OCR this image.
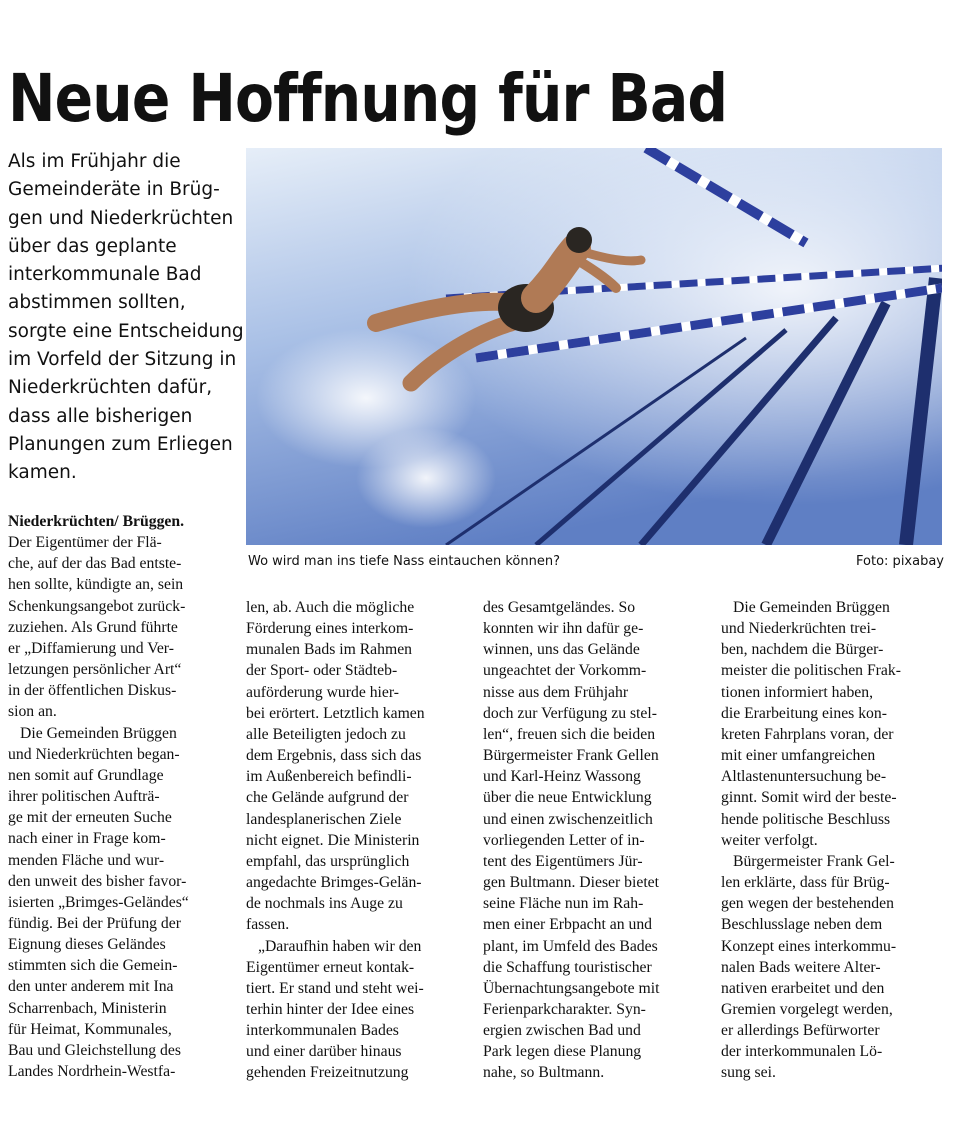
Neue Hoffnung für Bad
Als im Frühjahr die
Gemeinderäte in Brüg-
gen und Niederkrüchten
über das geplante
interkommunale Bad
abstimmen sollten,
sorgte eine Entscheidung
im Vorfeld der Sitzung in
Niederkrüchten dafür,
dass alle bisherigen
Planungen zum Erliegen
kamen.
Wo wird man ins tiefe Nass eintauchen können?	Foto: pixabay
Niederkrüchten/ Brüggen.
Der Eigentümer der Flä-
che, auf der das Bad entste-
hen sollte, kündigte an, sein
Schenkungsangebot zurück-
zuziehen. Als Grund führte
er „Diffamierung und Ver-
letzungen persönlicher Art“
in der öffentlichen Diskus-
sion an.
Die Gemeinden Brüggen
und Niederkrüchten began-
nen somit auf Grundlage
ihrer politischen Aufträ-
ge mit der erneuten Suche
nach einer in Frage kom-
menden Fläche und wur-
den unweit des bisher favor-
isierten „Brimges-Geländes“
fündig. Bei der Prüfung der
Eignung dieses Geländes
stimmten sich die Gemein-
den unter anderem mit Ina
Scharrenbach, Ministerin
für Heimat, Kommunales,
Bau und Gleichstellung des
Landes Nordrhein-Westfa-
len, ab. Auch die mögliche
Förderung eines interkom-
munalen Bads im Rahmen
der Sport- oder Städteb-
auförderung wurde hier-
bei erörtert. Letztlich kamen
alle Beteiligten jedoch zu
dem Ergebnis, dass sich das
im Außenbereich befindli-
che Gelände aufgrund der
landesplanerischen Ziele
nicht eignet. Die Ministerin
empfahl, das ursprünglich
angedachte Brimges-Gelän-
de nochmals ins Auge zu
fassen.
„Daraufhin haben wir den
Eigentümer erneut kontak-
tiert. Er stand und steht wei-
terhin hinter der Idee eines
interkommunalen Bades
und einer darüber hinaus
gehenden Freizeitnutzung
des Gesamtgeländes. So
konnten wir ihn dafür ge-
winnen, uns das Gelände
ungeachtet der Vorkomm-
nisse aus dem Frühjahr
doch zur Verfügung zu stel-
len“, freuen sich die beiden
Bürgermeister Frank Gellen
und Karl-Heinz Wassong
über die neue Entwicklung
und einen zwischenzeitlich
vorliegenden Letter of in-
tent des Eigentümers Jür-
gen Bultmann. Dieser bietet
seine Fläche nun im Rah-
men einer Erbpacht an und
plant, im Umfeld des Bades
die Schaffung touristischer
Übernachtungsangebote mit
Ferienparkcharakter. Syn-
ergien zwischen Bad und
Park legen diese Planung
nahe, so Bultmann.
Die Gemeinden Brüggen
und Niederkrüchten trei-
ben, nachdem die Bürger-
meister die politischen Frak-
tionen informiert haben,
die Erarbeitung eines kon-
kreten Fahrplans voran, der
mit einer umfangreichen
Altlastenuntersuchung be-
ginnt. Somit wird der beste-
hende politische Beschluss
weiter verfolgt.
Bürgermeister Frank Gel-
len erklärte, dass für Brüg-
gen wegen der bestehenden
Beschlusslage neben dem
Konzept eines interkommu-
nalen Bads weitere Alter-
nativen erarbeitet und den
Gremien vorgelegt werden,
er allerdings Befürworter
der interkommunalen Lö-
sung sei.
